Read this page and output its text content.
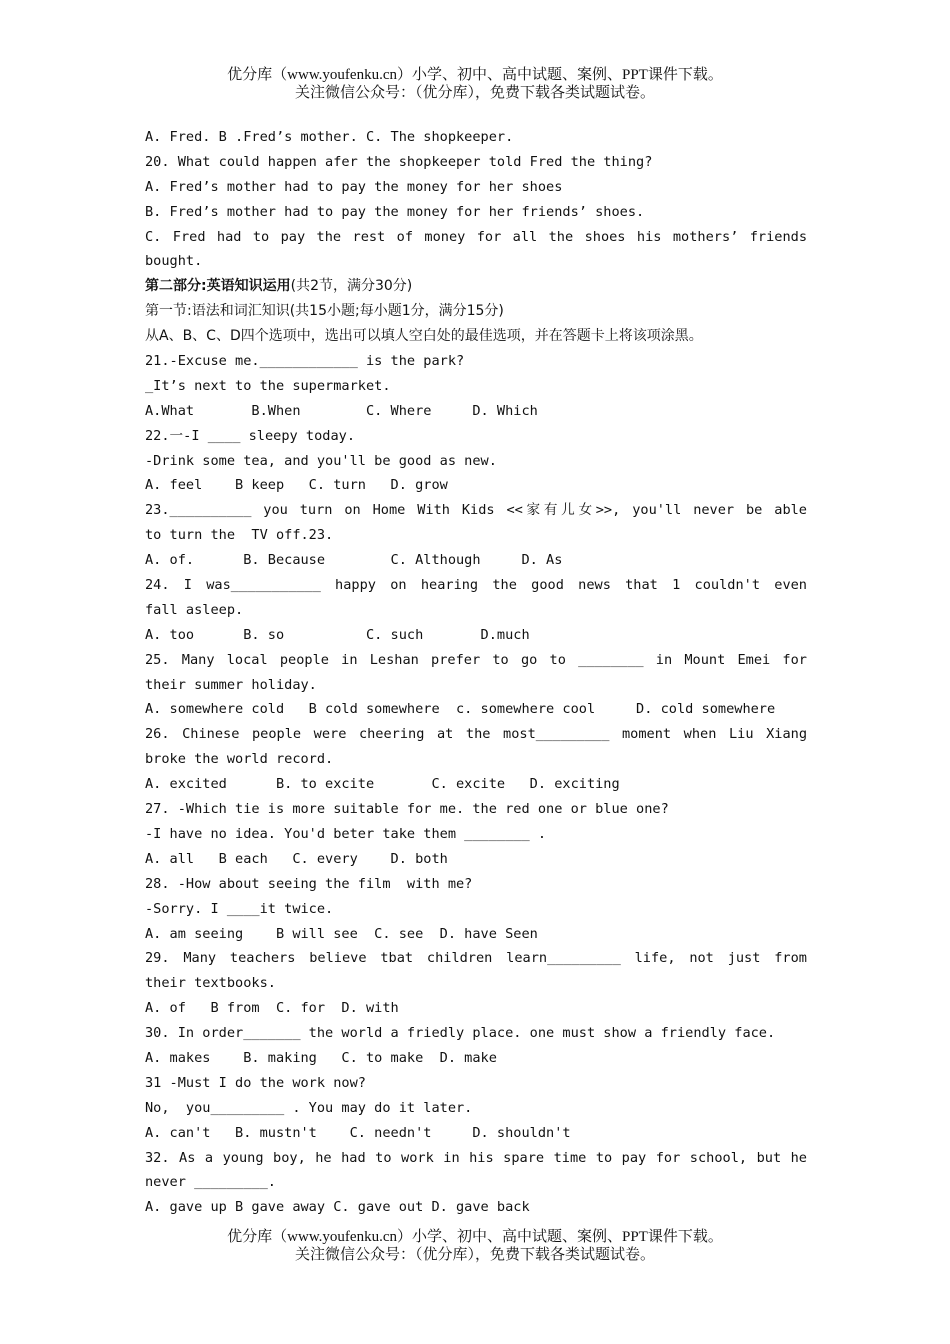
优分库（www.youfenku.cn）小学、初中、高中试题、案例、PPT课件下载。
关注微信公众号：（优分库），免费下载各类试题试卷。
A. Fred. B .Fred’s mother. C. The shopkeeper.
20. What could happen afer the shopkeeper told Fred the thing?
A. Fred’s mother had to pay the money for her shoes
B. Fred’s mother had to pay the money for her friends’ shoes.
C. Fred had to pay the rest of money for all the shoes his mothers’ friends
bought.
第二部分:英语知识运用(共2节，满分30分)
第一节:语法和词汇知识(共15小题;每小题1分，满分15分)
从A、B、C、D四个选项中，选出可以填人空白处的最佳选项，并在答题卡上将该项涂黑。
21.-Excuse me.____________ is the park?
_It’s next to the supermarket.
A.What       B.When        C. Where     D. Which
22.一-I ____ sleepy today.
-Drink some tea, and you'll be good as new.
A. feel    B keep   C. turn   D. grow
23.__________ you turn on Home With Kids <<家有儿女>>, you'll never be able
to turn the  TV off.23.
A. of.      B. Because        C. Although     D. As
24. I was___________ happy on hearing the good news that 1 couldn't even
fall asleep.
A. too      B. so          C. such       D.much
25. Many local people in Leshan prefer to go to ________ in Mount Emei for
their summer holiday.
A. somewhere cold   B cold somewhere  c. somewhere cool     D. cold somewhere
26. Chinese people were cheering at the most_________ moment when Liu Xiang
broke the world record.
A. excited      B. to excite       C. excite   D. exciting
27. -Which tie is more suitable for me. the red one or blue one?
-I have no idea. You'd beter take them ________ .
A. all   B each   C. every    D. both
28. -How about seeing the film  with me?
-Sorry. I ____it twice.
A. am seeing    B will see  C. see  D. have Seen
29. Many teachers believe tbat children learn_________ life, not just from
their textbooks.
A. of   B from  C. for  D. with
30. In order_______ the world a friedly place. one must show a friendly face.
A. makes    B. making   C. to make  D. make
31 -Must I do the work now?
No,  you_________ . You may do it later.
A. can't   B. mustn't    C. needn't     D. shouldn't
32. As a young boy, he had to work in his spare time to pay for school, but he
never _________.
A. gave up B gave away C. gave out D. gave back
优分库（www.youfenku.cn）小学、初中、高中试题、案例、PPT课件下载。
关注微信公众号：（优分库），免费下载各类试题试卷。
